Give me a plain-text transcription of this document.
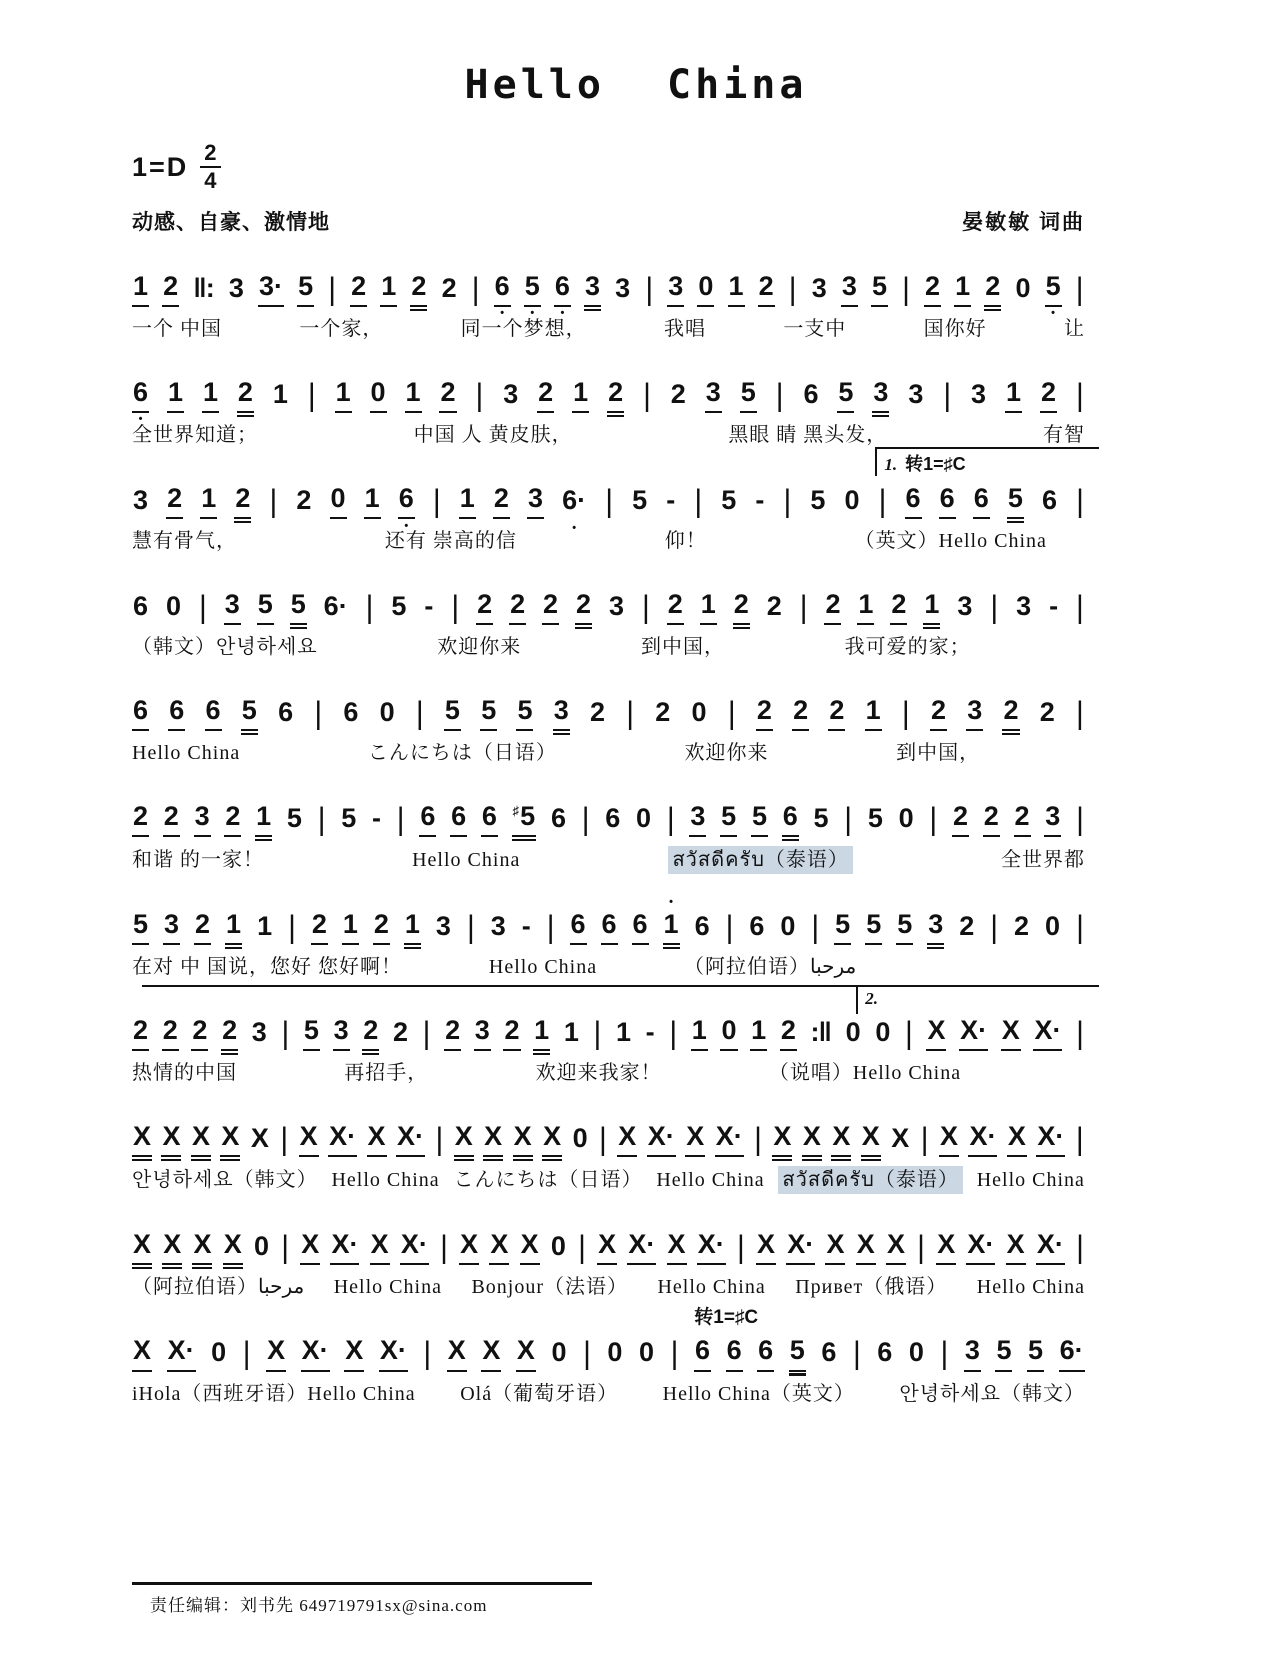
Hello China
$1=D \frac{2}{4}$
动感、自豪、激情地	晏敏敏 词曲
1 2 ‖: 3 3· 5 | 2 1 2 2 | 6 • 5 • 6 • 3 3 | 3 0 1 2 | 3 3 5 | 2 1 2 0 5 • |
一个 中国	一个家，	同一个梦想，	我唱	一支中	国你好	让
6 • 1 1 2 1 | 1 0 1 2 | 3 2 1 2 | 2 3 5 | 6 5 3 3 | 3 1 2 |
全世界知道；	中国 人 黄皮肤，	黑眼 睛 黑头发，	有智
1. 转1=♯C
3 2 1 2 | 2 0 1 6 • | 1 2 3 6· • | 5 - | 5 - | 5 0 | 6 6 6 5 6 |
慧有骨气，	还有 崇高的信	仰！	（英文）Hello China
6 0 | 3 5 5 6· | 5 - | 2 2 2 2 3 | 2 1 2 2 | 2 1 2 1 3 | 3 - |
（韩文）안녕하세요	欢迎你来	到中国，	我可爱的家；
6 6 6 5 6 | 6 0 | 5 5 5 3 2 | 2 0 | 2 2 2 1 | 2 3 2 2 |
Hello China	こんにちは（日语）	欢迎你来	到中国，
2 2 3 2 1 5 | 5 - | 6 6 6 ♯5 6 | 6 0 | 3 5 5 6 5 | 5 0 | 2 2 2 3 |
和谐 的一家！	Hello China	สวัสดีครับ（泰语）	全世界都
5 3 2 1 1 | 2 1 2 1 3 | 3 - | 6 6 6 1 • 6 | 6 0 | 5 5 5 3 2 | 2 0 |
在对 中 国说，您好 您好啊！	Hello China	（阿拉伯语）مرحبا
2.
2 2 2 2 3 | 5 3 2 2 | 2 3 2 1 1 | 1 - | 1 0 1 2 :‖ 0 0 | X X· X X· |
热情的中国	再招手，	欢迎来我家！	（说唱）Hello China
X X X X X | X X· X X· | X X X X 0 | X X· X X· | X X X X X | X X· X X· |
안녕하세요（韩文） Hello China こんにちは（日语） Hello China สวัสดีครับ（泰语） Hello China
X X X X 0 | X X· X X· | X X X 0 | X X· X X· | X X· X X X | X X· X X· |
（阿拉伯语）مرحبا Hello China Bonjour（法语） Hello China Привет（俄语） Hello China
转1=♯C
X X· 0 | X X· X X· | X X X 0 | 0 0 | 6 6 6 5 6 | 6 0 | 3 5 5 6·
iHola（西班牙语）Hello China Olá（葡萄牙语） Hello China（英文） 안녕하세요（韩文）
责任编辑：刘书先 649719791sx@sina.com
